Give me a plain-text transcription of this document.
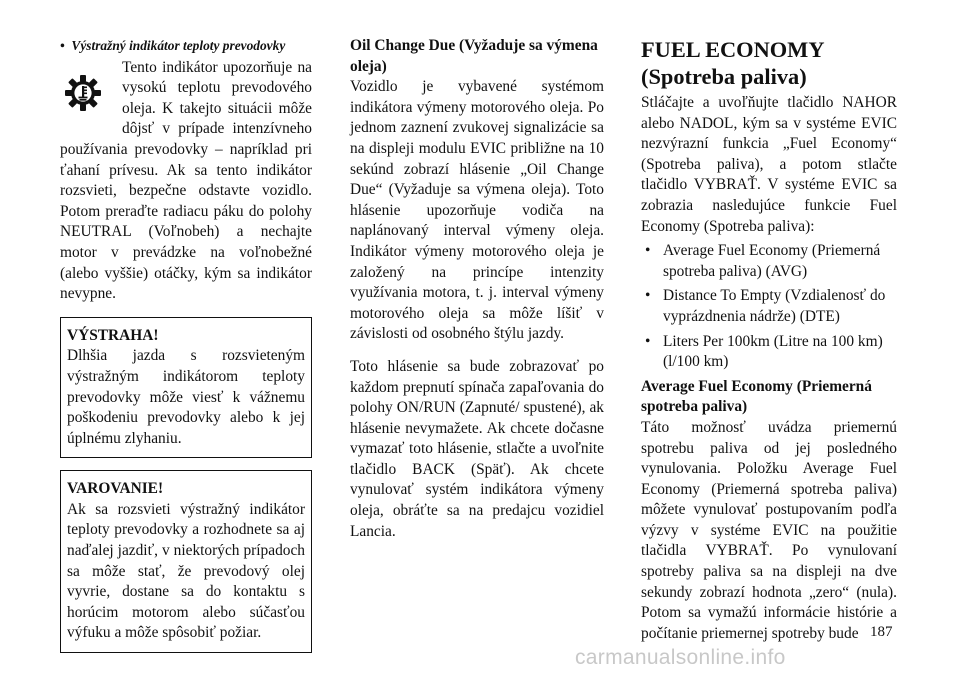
• Výstražný indikátor teploty prevodovky

Tento indikátor upozorňuje na vysokú teplotu prevodového oleja. K takejto situácii môže dôjsť v prípade intenzívneho používania prevodovky – napríklad pri ťahaní prívesu. Ak sa tento indikátor rozsvieti, bezpečne odstavte vozidlo. Potom preraďte radiacu páku do polohy NEUTRAL (Voľnobeh) a nechajte motor v prevádzke na voľnobežné (alebo vyššie) otáčky, kým sa indikátor nevypne.

VÝSTRAHA!

Dlhšia jazda s rozsvieteným výstražným indikátorom teploty prevodovky môže viesť k vážnemu poškodeniu prevodovky alebo k jej úplnému zlyhaniu.

VAROVANIE!

Ak sa rozsvieti výstražný indikátor teploty prevodovky a rozhodnete sa aj naďalej jazdiť, v niektorých prípadoch sa môže stať, že prevodový olej vyvrie, dostane sa do kontaktu s horúcim motorom alebo súčasťou výfuku a môže spôsobiť požiar.

Oil Change Due (Vyžaduje sa výmena oleja)

Vozidlo je vybavené systémom indikátora výmeny motorového oleja. Po jednom zaznení zvukovej signalizácie sa na displeji modulu EVIC približne na 10 sekúnd zobrazí hlásenie „Oil Change Due“ (Vyžaduje sa výmena oleja). Toto hlásenie upozorňuje vodiča na naplánovaný interval výmeny oleja. Indikátor výmeny motorového oleja je založený na princípe intenzity využívania motora, t. j. interval výmeny motorového oleja sa môže líšiť v závislosti od osobného štýlu jazdy.

Toto hlásenie sa bude zobrazovať po každom prepnutí spínača zapaľovania do polohy ON/RUN (Zapnuté/ spustené), ak hlásenie nevymažete. Ak chcete dočasne vymazať toto hlásenie, stlačte a uvoľnite tlačidlo BACK (Späť). Ak chcete vynulovať systém indikátora výmeny oleja, obráťte sa na predajcu vozidiel Lancia.

FUEL ECONOMY (Spotreba paliva)

Stláčajte a uvoľňujte tlačidlo NAHOR alebo NADOL, kým sa v systéme EVIC nezvýrazní funkcia „Fuel Economy“ (Spotreba paliva), a potom stlačte tlačidlo VYBRAŤ. V systéme EVIC sa zobrazia nasledujúce funkcie Fuel Economy (Spotreba paliva):

• Average Fuel Economy (Priemerná spotreba paliva) (AVG)
• Distance To Empty (Vzdialenosť do vyprázdnenia nádrže) (DTE)
• Liters Per 100km (Litre na 100 km) (l/100 km)

Average Fuel Economy (Priemerná spotreba paliva)

Táto možnosť uvádza priemernú spotrebu paliva od jej posledného vynulovania. Položku Average Fuel Economy (Priemerná spotreba paliva) môžete vynulovať postupovaním podľa výzvy v systéme EVIC na použitie tlačidla VYBRAŤ. Po vynulovaní spotreby paliva sa na displeji na dve sekundy zobrazí hodnota „zero“ (nula). Potom sa vymažú informácie histórie a počítanie priemernej spotreby bude 187
carmanualsonline.info
